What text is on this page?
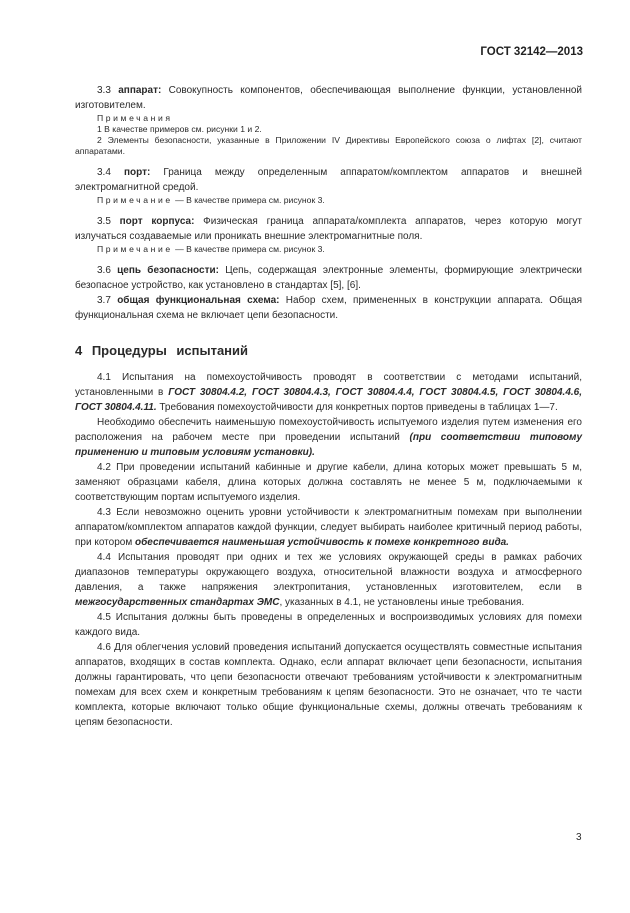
ГОСТ 32142—2013

3.3 аппарат: Совокупность компонентов, обеспечивающая выполнение функции, установленной изготовителем.

Примечания

1 В качестве примеров см. рисунки 1 и 2.

2 Элементы безопасности, указанные в Приложении IV Директивы Европейского союза о лифтах [2], считают аппаратами.

3.4 порт: Граница между определенным аппаратом/комплектом аппаратов и внешней электромагнитной средой.

Примечание — В качестве примера см. рисунок 3.

3.5 порт корпуса: Физическая граница аппарата/комплекта аппаратов, через которую могут излучаться создаваемые или проникать внешние электромагнитные поля.

Примечание — В качестве примера см. рисунок 3.

3.6 цепь безопасности: Цепь, содержащая электронные элементы, формирующие электрически безопасное устройство, как установлено в стандартах [5], [6].

3.7 общая функциональная схема: Набор схем, примененных в конструкции аппарата. Общая функциональная схема не включает цепи безопасности.

4 Процедуры испытаний

4.1 Испытания на помехоустойчивость проводят в соответствии с методами испытаний, установленными в ГОСТ 30804.4.2, ГОСТ 30804.4.3, ГОСТ 30804.4.4, ГОСТ 30804.4.5, ГОСТ 30804.4.6, ГОСТ 30804.4.11. Требования помехоустойчивости для конкретных портов приведены в таблицах 1—7.

Необходимо обеспечить наименьшую помехоустойчивость испытуемого изделия путем изменения его расположения на рабочем месте при проведении испытаний (при соответствии типовому применению и типовым условиям установки).

4.2 При проведении испытаний кабинные и другие кабели, длина которых может превышать 5 м, заменяют образцами кабеля, длина которых должна составлять не менее 5 м, подключаемыми к соответствующим портам испытуемого изделия.

4.3 Если невозможно оценить уровни устойчивости к электромагнитным помехам при выполнении аппаратом/комплектом аппаратов каждой функции, следует выбирать наиболее критичный период работы, при котором обеспечивается наименьшая устойчивость к помехе конкретного вида.

4.4 Испытания проводят при одних и тех же условиях окружающей среды в рамках рабочих диапазонов температуры окружающего воздуха, относительной влажности воздуха и атмосферного давления, а также напряжения электропитания, установленных изготовителем, если в межгосударственных стандартах ЭМС, указанных в 4.1, не установлены иные требования.

4.5 Испытания должны быть проведены в определенных и воспроизводимых условиях для помехи каждого вида.

4.6 Для облегчения условий проведения испытаний допускается осуществлять совместные испытания аппаратов, входящих в состав комплекта. Однако, если аппарат включает цепи безопасности, испытания должны гарантировать, что цепи безопасности отвечают требованиям устойчивости к электромагнитным помехам для всех схем и конкретным требованиям к цепям безопасности. Это не означает, что те части комплекта, которые включают только общие функциональные схемы, должны отвечать требованиям к цепям безопасности.

3
